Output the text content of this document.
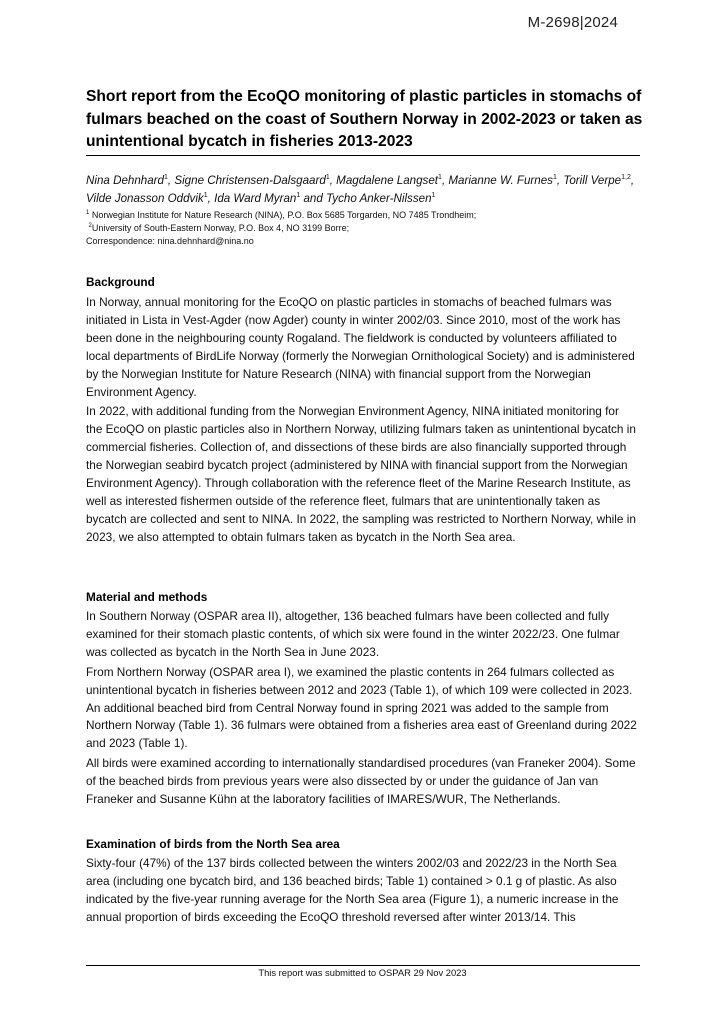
M-2698|2024
Short report from the EcoQO monitoring of plastic particles in stomachs of fulmars beached on the coast of Southern Norway in 2002-2023 or taken as unintentional bycatch in fisheries 2013-2023
Nina Dehnhard$^1$, Signe Christensen-Dalsgaard$^1$, Magdalene Langset$^1$, Marianne W. Furnes$^1$, Torill Verpe$^{1,2}$, Vilde Jonasson Oddvik$^1$, Ida Ward Myran$^1$ and Tycho Anker-Nilssen$^1$
$^1$ Norwegian Institute for Nature Research (NINA), P.O. Box 5685 Torgarden, NO 7485 Trondheim;
$^2$University of South-Eastern Norway, P.O. Box 4, NO 3199 Borre;
Correspondence: nina.dehnhard@nina.no
Background

In Norway, annual monitoring for the EcoQO on plastic particles in stomachs of beached fulmars was initiated in Lista in Vest-Agder (now Agder) county in winter 2002/03. Since 2010, most of the work has been done in the neighbouring county Rogaland. The fieldwork is conducted by volunteers affiliated to local departments of BirdLife Norway (formerly the Norwegian Ornithological Society) and is administered by the Norwegian Institute for Nature Research (NINA) with financial support from the Norwegian Environment Agency.

In 2022, with additional funding from the Norwegian Environment Agency, NINA initiated monitoring for the EcoQO on plastic particles also in Northern Norway, utilizing fulmars taken as unintentional bycatch in commercial fisheries. Collection of, and dissections of these birds are also financially supported through the Norwegian seabird bycatch project (administered by NINA with financial support from the Norwegian Environment Agency). Through collaboration with the reference fleet of the Marine Research Institute, as well as interested fishermen outside of the reference fleet, fulmars that are unintentionally taken as bycatch are collected and sent to NINA. In 2022, the sampling was restricted to Northern Norway, while in 2023, we also attempted to obtain fulmars taken as bycatch in the North Sea area.

Material and methods

In Southern Norway (OSPAR area II), altogether, 136 beached fulmars have been collected and fully examined for their stomach plastic contents, of which six were found in the winter 2022/23. One fulmar was collected as bycatch in the North Sea in June 2023.

From Northern Norway (OSPAR area I), we examined the plastic contents in 264 fulmars collected as unintentional bycatch in fisheries between 2012 and 2023 (Table 1), of which 109 were collected in 2023. An additional beached bird from Central Norway found in spring 2021 was added to the sample from Northern Norway (Table 1). 36 fulmars were obtained from a fisheries area east of Greenland during 2022 and 2023 (Table 1).

All birds were examined according to internationally standardised procedures (van Franeker 2004). Some of the beached birds from previous years were also dissected by or under the guidance of Jan van Franeker and Susanne Kühn at the laboratory facilities of IMARES/WUR, The Netherlands.

Examination of birds from the North Sea area

Sixty-four (47%) of the 137 birds collected between the winters 2002/03 and 2022/23 in the North Sea area (including one bycatch bird, and 136 beached birds; Table 1) contained > 0.1 g of plastic. As also indicated by the five-year running average for the North Sea area (Figure 1), a numeric increase in the annual proportion of birds exceeding the EcoQO threshold reversed after winter 2013/14. This

This report was submitted to OSPAR 29 Nov 2023
